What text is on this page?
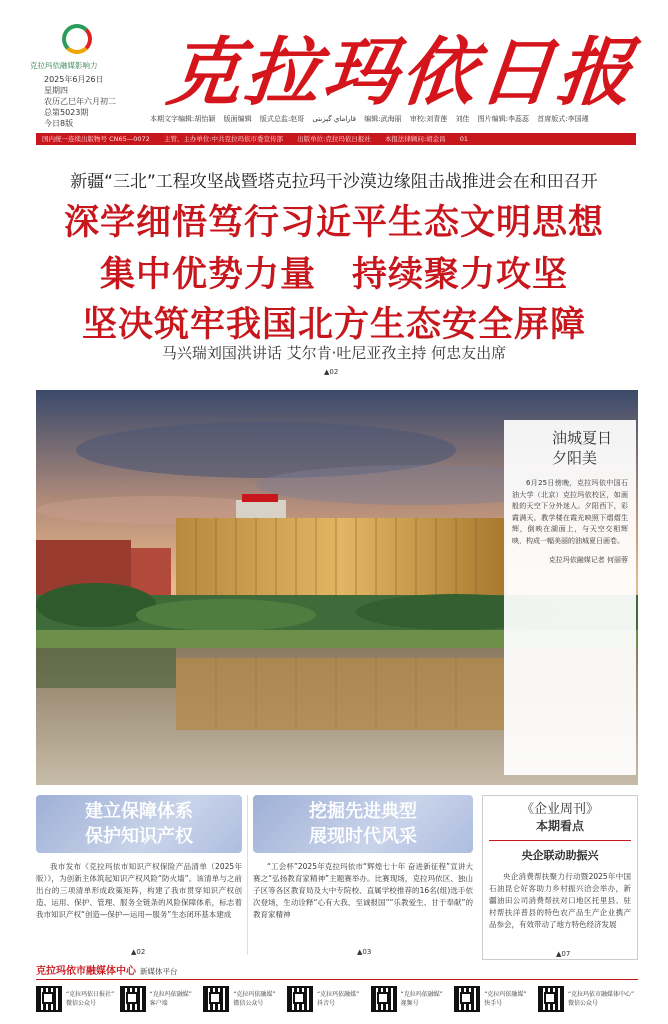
克拉玛依融媒影响力
2025年6月26日
星期四
农历乙巳年六月初二
总第5023期
今日8版
克拉玛依日报
本期文字编辑:胡怡颖 版面编辑 版式总监:赵哥 قاراماي گېزىتى 编辑:武海丽 审校:刘青莲 刘佳 图片编辑:李蕊蕊 首席版式:李国瑾
国内统一连续出版物号 CN65—0072 主管、主办单位:中共克拉玛依市委宣传部 出版单位:克拉玛依日报社 本报法律顾问:胡金昌 01
新疆“三北”工程攻坚战暨塔克拉玛干沙漠边缘阻击战推进会在和田召开
深学细悟笃行习近平生态文明思想
集中优势力量　持续聚力攻坚
坚决筑牢我国北方生态安全屏障
马兴瑞刘国洪讲话 艾尔肯·吐尼亚孜主持 何忠友出席
▲02
油城夏日
夕阳美
6月25日傍晚，克拉玛依中国石油大学（北京）克拉玛依校区，如画般的天空下分外迷人。夕阳西下，彩霞满天，教学楼在霞光映照下熠熠生辉，倒映在湖面上，与天空交相辉映，构成一幅美丽的油城夏日画卷。
克拉玛依融媒记者 何丽蓉
建立保障体系
保护知识产权
我市发布《克拉玛依市知识产权保险产品清单（2025年版）》，为创新主体筑起知识产权风险“防火墙”。该清单与之前出台的三项清单形成政策矩阵，构建了我市贯穿知识产权创造、运用、保护、管理、服务全链条的风险保障体系，标志着我市知识产权“创造—保护—运用—服务”生态闭环基本建成
▲02
挖掘先进典型
展现时代风采
“工会杯”2025年克拉玛依市“辉煌七十年 奋进新征程”宣讲大赛之“弘扬教育家精神”主题赛举办。比赛现场，克拉玛依区、独山子区等各区教育局及大中专院校、直属学校推荐的16名(组)选手依次登场，生动诠释“心有大我、至诚报国”“乐教爱生、甘于奉献”的教育家精神
▲03
《企业周刊》
本期看点
央企联动助振兴
央企消费帮扶聚力行动暨2025年中国石油昆仑好客助力乡村振兴洽会举办，新疆油田公司消费帮扶对口地区托里县、驻村帮扶洋普县的特色农产品生产企业携产品参会，有效带动了地方特色经济发展
▲07
克拉玛依市融媒体中心 新媒体平台
“克拉玛依日报社”
微信公众号
“克拉玛依融媒”
客户端
“克拉玛依融媒”
微信公众号
“克拉玛依融媒”
抖音号
“克拉玛依融媒”
视频号
“克拉玛依融媒”
快手号
“克拉玛依市融媒体中心”
微信公众号
